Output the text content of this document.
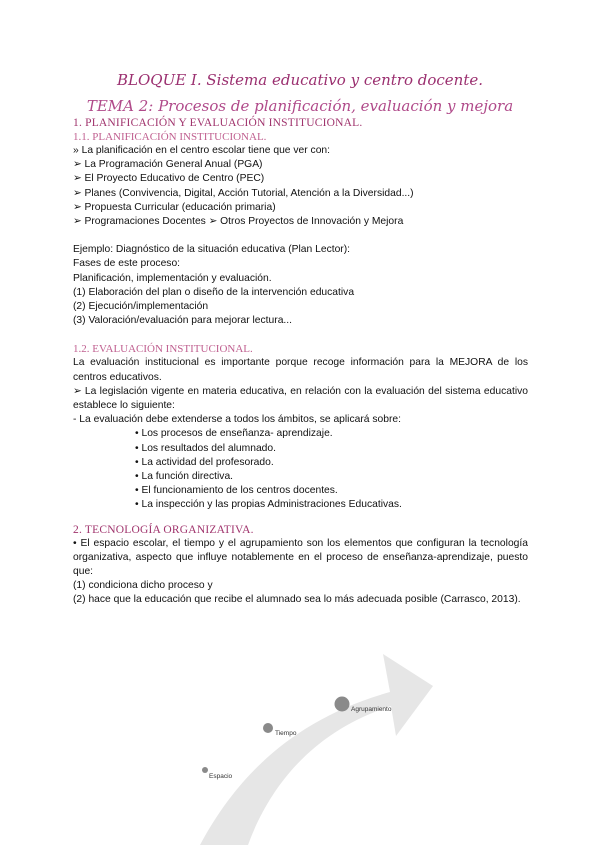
BLOQUE I. Sistema educativo y centro docente.
TEMA 2: Procesos de planificación, evaluación y mejora
1. PLANIFICACIÓN Y EVALUACIÓN INSTITUCIONAL.
1.1. PLANIFICACIÓN INSTITUCIONAL.

» La planificación en el centro escolar tiene que ver con:

➢ La Programación General Anual (PGA)

➢ El Proyecto Educativo de Centro (PEC)

➢ Planes (Convivencia, Digital, Acción Tutorial, Atención a la Diversidad...)

➢ Propuesta Curricular (educación primaria)

➢ Programaciones Docentes ➢ Otros Proyectos de Innovación y Mejora

Ejemplo: Diagnóstico de la situación educativa (Plan Lector):

Fases de este proceso:

Planificación, implementación y evaluación.

(1) Elaboración del plan o diseño de la intervención educativa

(2) Ejecución/implementación

(3) Valoración/evaluación para mejorar lectura...

1.2. EVALUACIÓN INSTITUCIONAL.

La evaluación institucional es importante porque recoge información para la MEJORA de los centros educativos.

➢ La legislación vigente en materia educativa, en relación con la evaluación del sistema educativo establece lo siguiente:

- La evaluación debe extenderse a todos los ámbitos, se aplicará sobre:

• Los procesos de enseñanza- aprendizaje.

• Los resultados del alumnado.

• La actividad del profesorado.

• La función directiva.

• El funcionamiento de los centros docentes.

• La inspección y las propias Administraciones Educativas.

2. TECNOLOGÍA ORGANIZATIVA.

• El espacio escolar, el tiempo y el agrupamiento son los elementos que configuran la tecnología organizativa, aspecto que influye notablemente en el proceso de enseñanza-aprendizaje, puesto que:

(1) condiciona dicho proceso y

(2) hace que la educación que recibe el alumnado sea lo más adecuada posible (Carrasco, 2013).

Espacio
Tiempo
Agrupamiento
